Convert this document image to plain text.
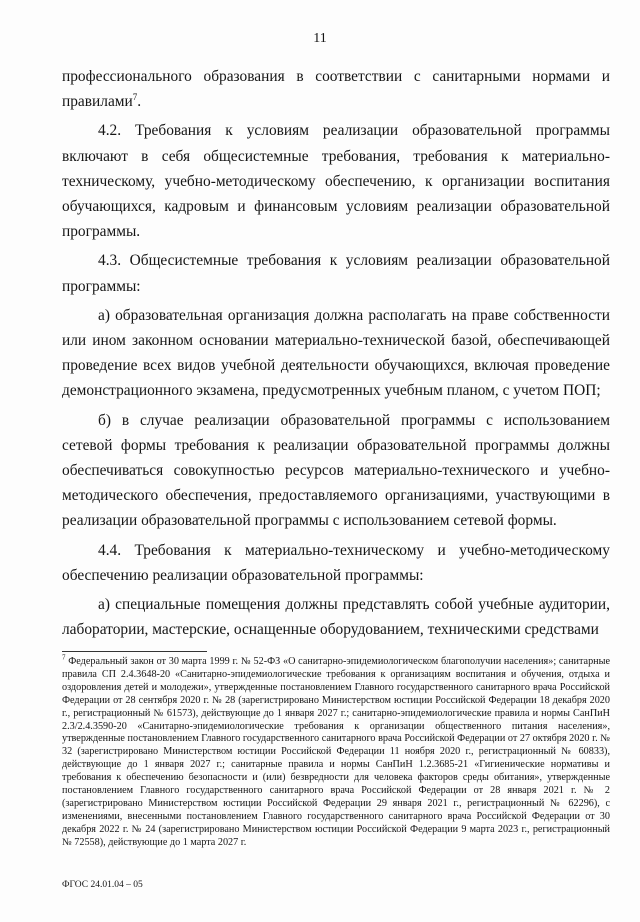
11

профессионального образования в соответствии с санитарными нормами и правилами$^7$.

4.2. Требования к условиям реализации образовательной программы включают в себя общесистемные требования, требования к материально-техническому, учебно-методическому обеспечению, к организации воспитания обучающихся, кадровым и финансовым условиям реализации образовательной программы.

4.3. Общесистемные требования к условиям реализации образовательной программы:

а) образовательная организация должна располагать на праве собственности или ином законном основании материально-технической базой, обеспечивающей проведение всех видов учебной деятельности обучающихся, включая проведение демонстрационного экзамена, предусмотренных учебным планом, с учетом ПОП;

б) в случае реализации образовательной программы с использованием сетевой формы требования к реализации образовательной программы должны обеспечиваться совокупностью ресурсов материально-технического и учебно-методического обеспечения, предоставляемого организациями, участвующими в реализации образовательной программы с использованием сетевой формы.

4.4. Требования к материально-техническому и учебно-методическому обеспечению реализации образовательной программы:

а) специальные помещения должны представлять собой учебные аудитории, лаборатории, мастерские, оснащенные оборудованием, техническими средствами

$^7$ Федеральный закон от 30 марта 1999 г. № 52-ФЗ «О санитарно-эпидемиологическом благополучии населения»; санитарные правила СП 2.4.3648-20 «Санитарно-эпидемиологические требования к организациям воспитания и обучения, отдыха и оздоровления детей и молодежи», утвержденные постановлением Главного государственного санитарного врача Российской Федерации от 28 сентября 2020 г. № 28 (зарегистрировано Министерством юстиции Российской Федерации 18 декабря 2020 г., регистрационный № 61573), действующие до 1 января 2027 г.; санитарно-эпидемиологические правила и нормы СанПиН 2.3/2.4.3590-20 «Санитарно-эпидемиологические требования к организации общественного питания населения», утвержденные постановлением Главного государственного санитарного врача Российской Федерации от 27 октября 2020 г. № 32 (зарегистрировано Министерством юстиции Российской Федерации 11 ноября 2020 г., регистрационный № 60833), действующие до 1 января 2027 г.; санитарные правила и нормы СанПиН 1.2.3685-21 «Гигиенические нормативы и требования к обеспечению безопасности и (или) безвредности для человека факторов среды обитания», утвержденные постановлением Главного государственного санитарного врача Российской Федерации от 28 января 2021 г. № 2 (зарегистрировано Министерством юстиции Российской Федерации 29 января 2021 г., регистрационный № 62296), с изменениями, внесенными постановлением Главного государственного санитарного врача Российской Федерации от 30 декабря 2022 г. № 24 (зарегистрировано Министерством юстиции Российской Федерации 9 марта 2023 г., регистрационный № 72558), действующие до 1 марта 2027 г.
ФГОС 24.01.04 – 05
